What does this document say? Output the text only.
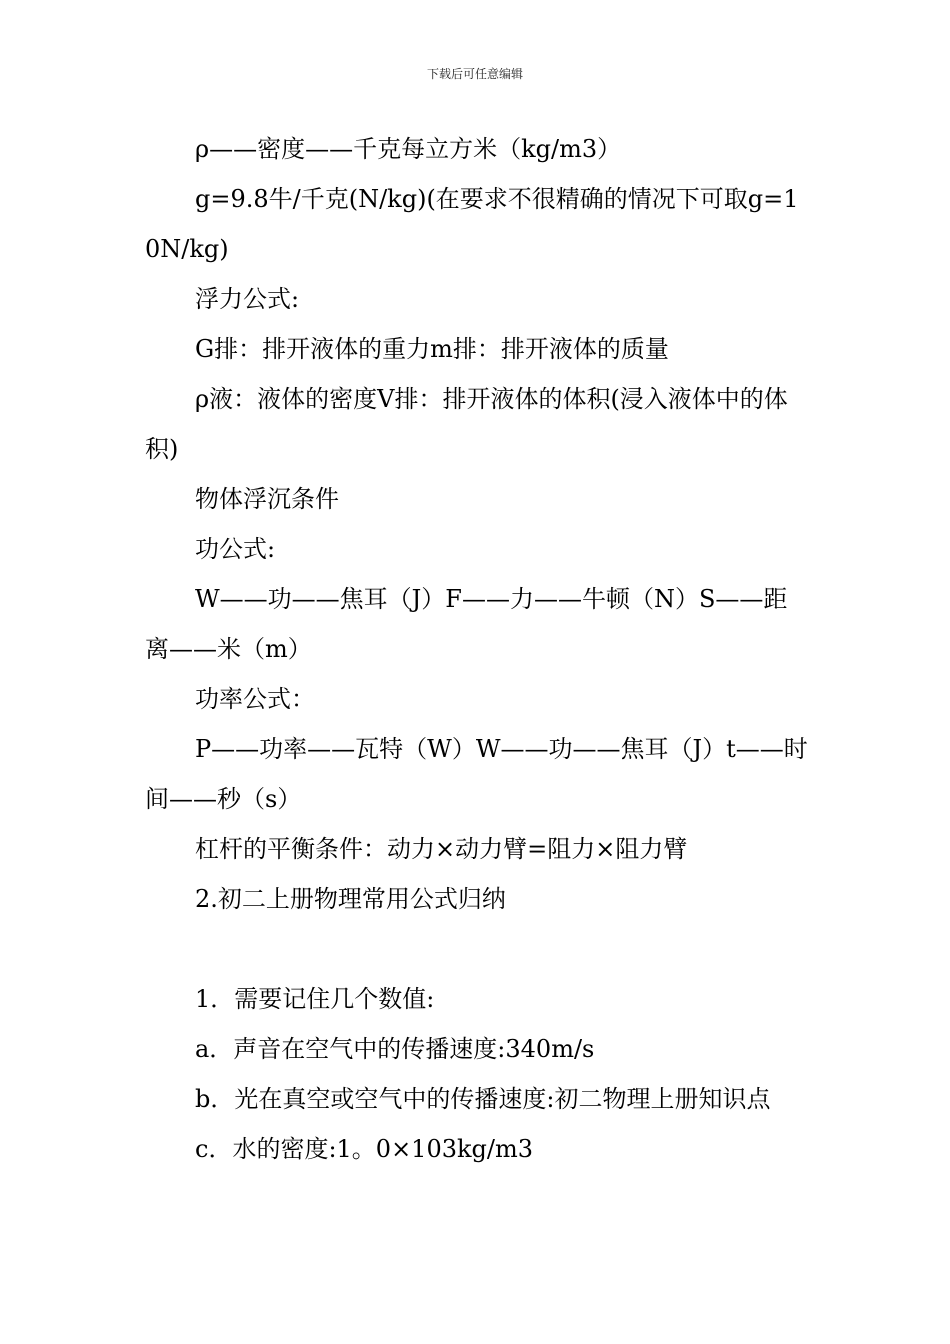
下载后可任意编辑

ρ——密度——千克每立方米（kg/m3）

g=9.8牛/千克(N/kg)(在要求不很精确的情况下可取g=10N/kg)

浮力公式:

G排：排开液体的重力m排：排开液体的质量

ρ液：液体的密度V排：排开液体的体积(浸入液体中的体积)

物体浮沉条件

功公式:

W——功——焦耳（J）F——力——牛顿（N）S——距离——米（m）

功率公式：

P——功率——瓦特（W）W——功——焦耳（J）t——时间——秒（s）

杠杆的平衡条件：动力×动力臂=阻力×阻力臂

2.初二上册物理常用公式归纳

1．需要记住几个数值:

a．声音在空气中的传播速度:340m/s

b．光在真空或空气中的传播速度:初二物理上册知识点

c．水的密度:1。0×103kg/m3
